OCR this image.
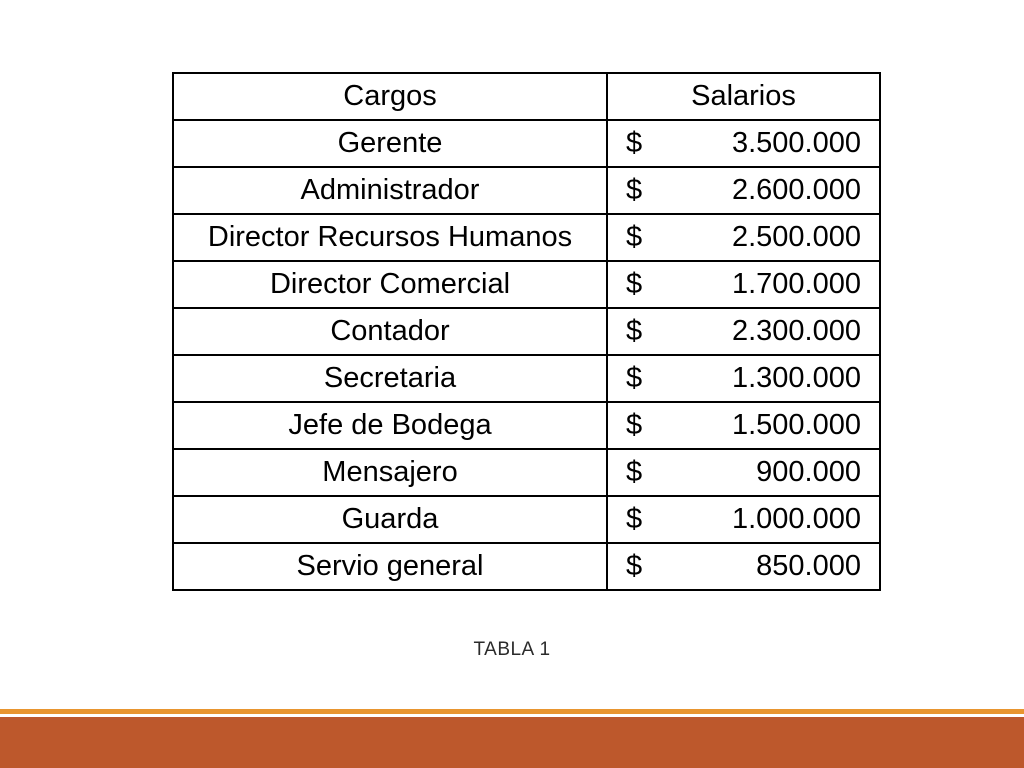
Cargos	Salarios
Gerente	$ 3.500.000

Administrador	$ 2.600.000

Director Recursos Humanos	$ 2.500.000

Director Comercial	$ 1.700.000

Contador	$ 2.300.000

Secretaria	$ 1.300.000

Jefe de Bodega	$ 1.500.000

Mensajero	$ 900.000

Guarda	$ 1.000.000

Servio general	$ 850.000
TABLA 1
